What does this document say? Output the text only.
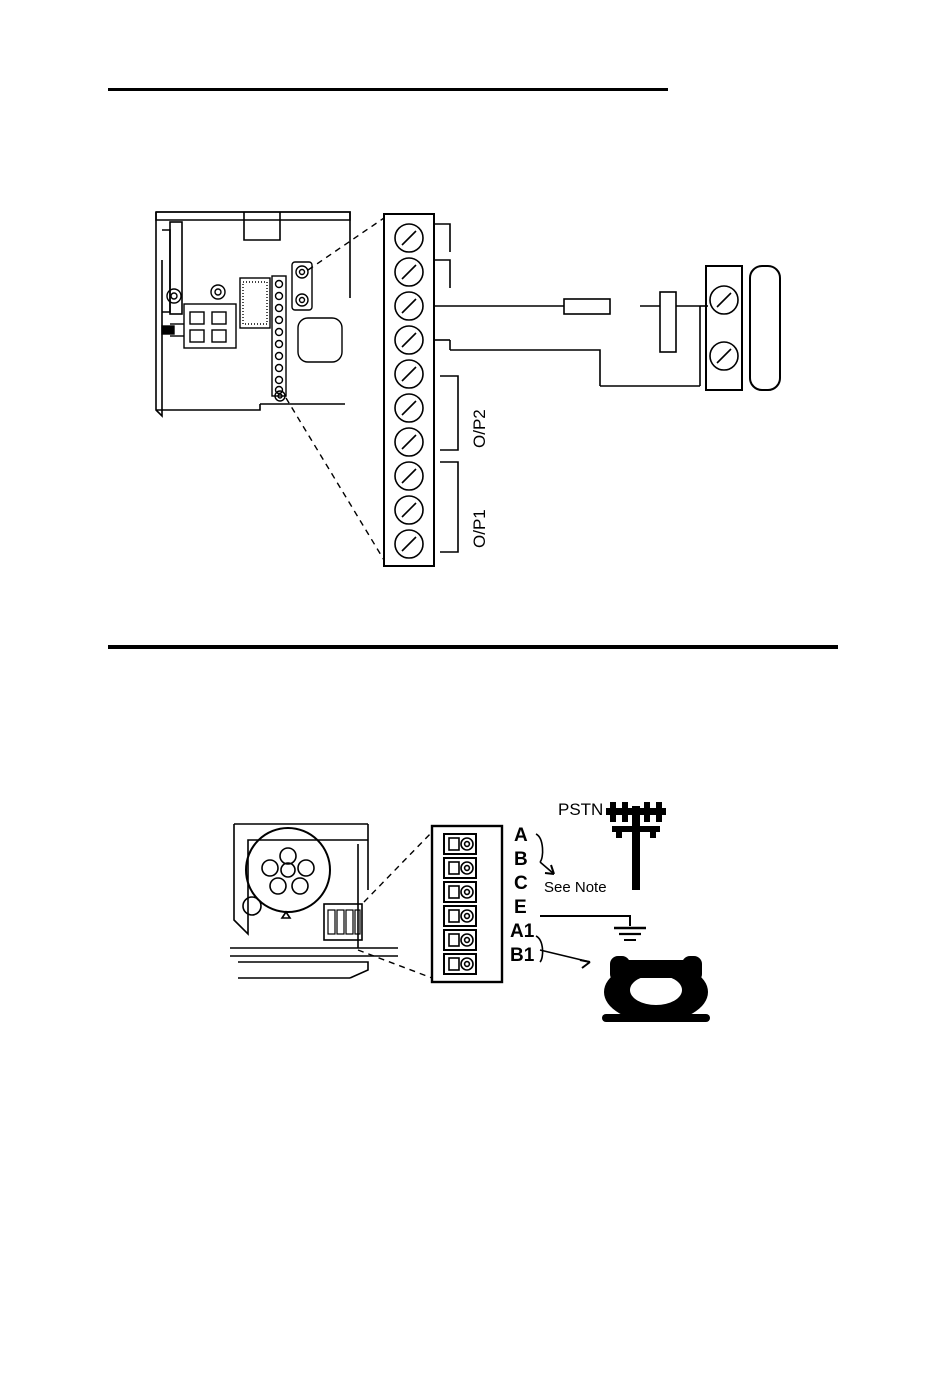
O/P2
O/P1
A
B
C
E
A1
B1
PSTN
See Note
